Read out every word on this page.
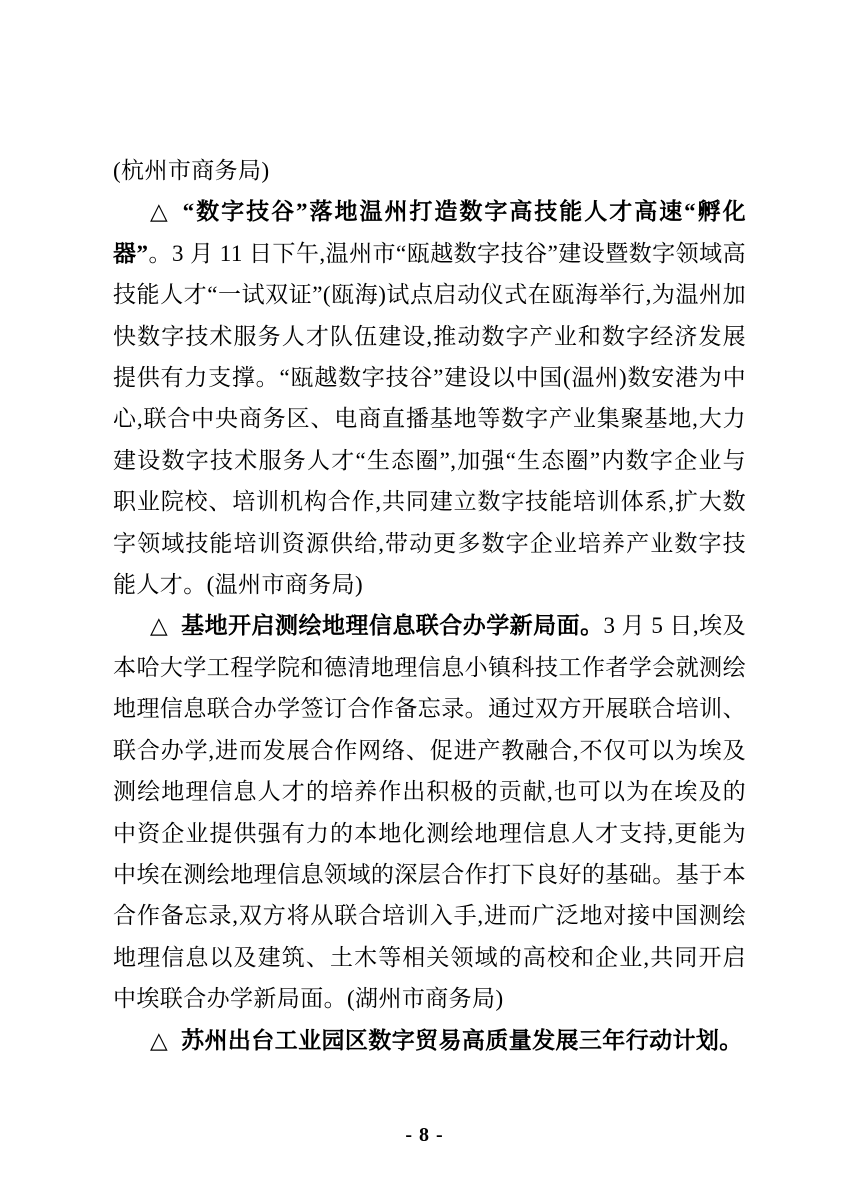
(杭州市商务局)

△ “数字技谷”落地温州打造数字高技能人才高速“孵化器”。3 月 11 日下午,温州市“瓯越数字技谷”建设暨数字领域高技能人才“一试双证”(瓯海)试点启动仪式在瓯海举行,为温州加快数字技术服务人才队伍建设,推动数字产业和数字经济发展提供有力支撑。“瓯越数字技谷”建设以中国(温州)数安港为中心,联合中央商务区、电商直播基地等数字产业集聚基地,大力建设数字技术服务人才“生态圈”,加强“生态圈”内数字企业与职业院校、培训机构合作,共同建立数字技能培训体系,扩大数字领域技能培训资源供给,带动更多数字企业培养产业数字技能人才。(温州市商务局)

△ 基地开启测绘地理信息联合办学新局面。3 月 5 日,埃及本哈大学工程学院和德清地理信息小镇科技工作者学会就测绘地理信息联合办学签订合作备忘录。通过双方开展联合培训、联合办学,进而发展合作网络、促进产教融合,不仅可以为埃及测绘地理信息人才的培养作出积极的贡献,也可以为在埃及的中资企业提供强有力的本地化测绘地理信息人才支持,更能为中埃在测绘地理信息领域的深层合作打下良好的基础。基于本合作备忘录,双方将从联合培训入手,进而广泛地对接中国测绘地理信息以及建筑、土木等相关领域的高校和企业,共同开启中埃联合办学新局面。(湖州市商务局)

△ 苏州出台工业园区数字贸易高质量发展三年行动计划。

- 8 -
